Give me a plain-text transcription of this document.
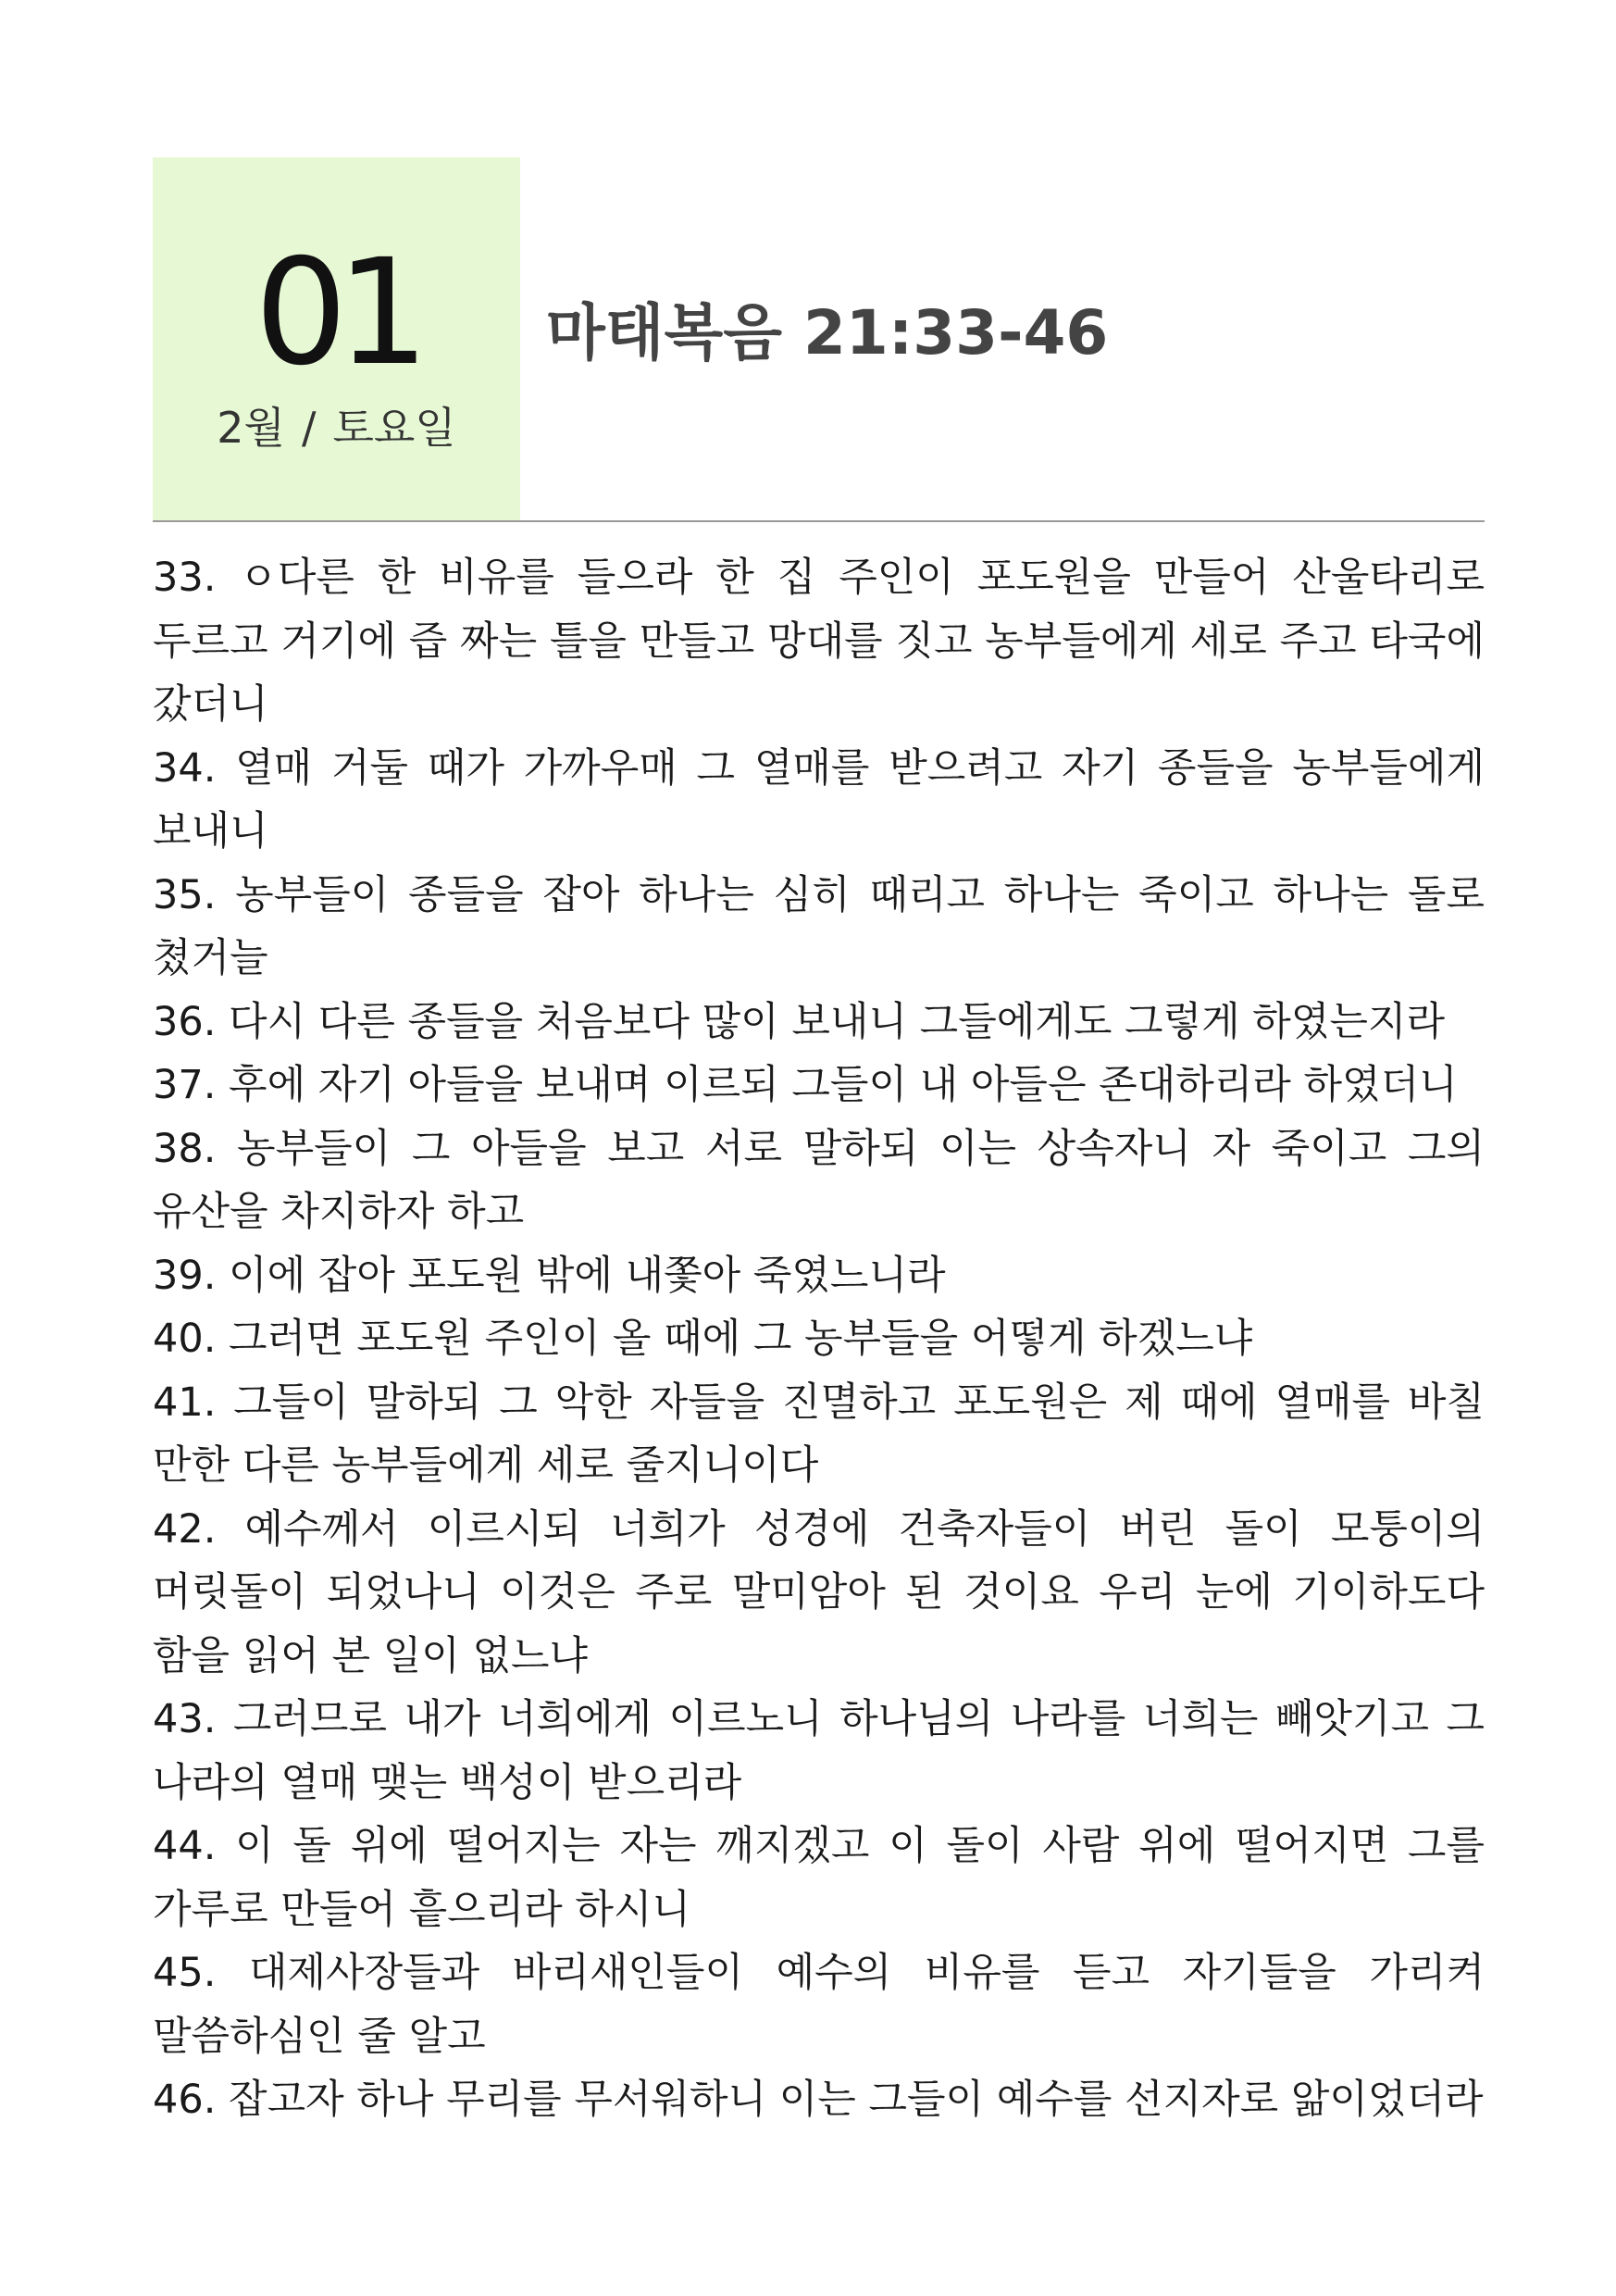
01
2월 / 토요일
마태복음 21:33-46
33. ㅇ다른 한 비유를 들으라 한 집 주인이 포도원을 만들어 산울타리로 두르고 거기에 즙 짜는 틀을 만들고 망대를 짓고 농부들에게 세로 주고 타국에 갔더니
34. 열매 거둘 때가 가까우매 그 열매를 받으려고 자기 종들을 농부들에게 보내니
35. 농부들이 종들을 잡아 하나는 심히 때리고 하나는 죽이고 하나는 돌로 쳤거늘
36. 다시 다른 종들을 처음보다 많이 보내니 그들에게도 그렇게 하였는지라
37. 후에 자기 아들을 보내며 이르되 그들이 내 아들은 존대하리라 하였더니
38. 농부들이 그 아들을 보고 서로 말하되 이는 상속자니 자 죽이고 그의 유산을 차지하자 하고
39. 이에 잡아 포도원 밖에 내쫓아 죽였느니라
40. 그러면 포도원 주인이 올 때에 그 농부들을 어떻게 하겠느냐
41. 그들이 말하되 그 악한 자들을 진멸하고 포도원은 제 때에 열매를 바칠 만한 다른 농부들에게 세로 줄지니이다
42. 예수께서 이르시되 너희가 성경에 건축자들이 버린 돌이 모퉁이의 머릿돌이 되었나니 이것은 주로 말미암아 된 것이요 우리 눈에 기이하도다 함을 읽어 본 일이 없느냐
43. 그러므로 내가 너희에게 이르노니 하나님의 나라를 너희는 빼앗기고 그 나라의 열매 맺는 백성이 받으리라
44. 이 돌 위에 떨어지는 자는 깨지겠고 이 돌이 사람 위에 떨어지면 그를 가루로 만들어 흩으리라 하시니
45. 대제사장들과 바리새인들이 예수의 비유를 듣고 자기들을 가리켜 말씀하심인 줄 알고
46. 잡고자 하나 무리를 무서워하니 이는 그들이 예수를 선지자로 앎이었더라
